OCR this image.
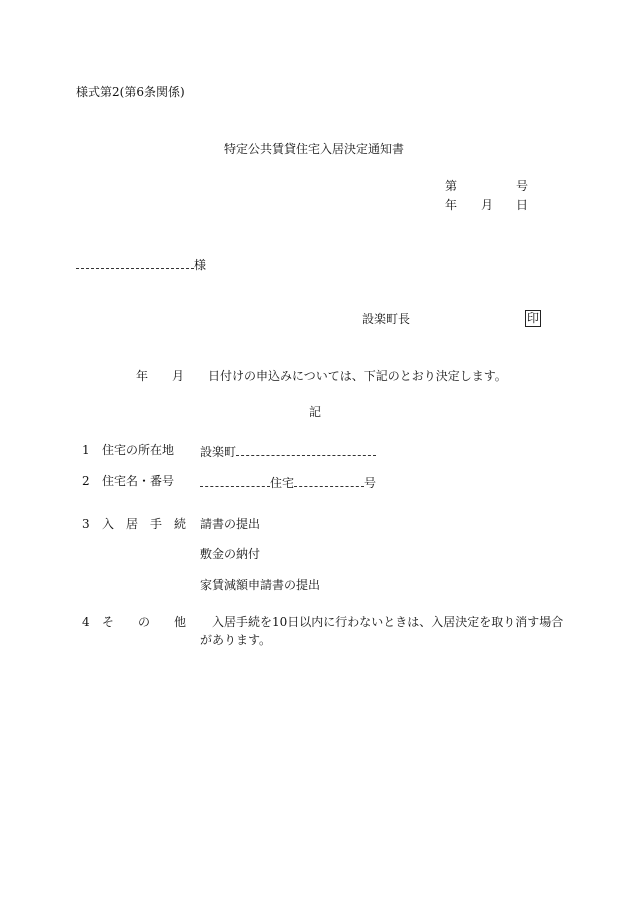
様式第2(第6条関係)
特定公共賃貸住宅入居決定通知書
第	号
年 月 日
様
設楽町長	印
年 月 日付けの申込みについては、下記のとおり決定します。
記
1 住宅の所在地 設楽町
2 住宅名・番号	住宅	号
3 入　居　手　続 請書の提出
敷金の納付
家賃減額申請書の提出
4 そ　　の　　他 入居手続を10日以内に行わないときは、入居決定を取り消す場合
があります。
